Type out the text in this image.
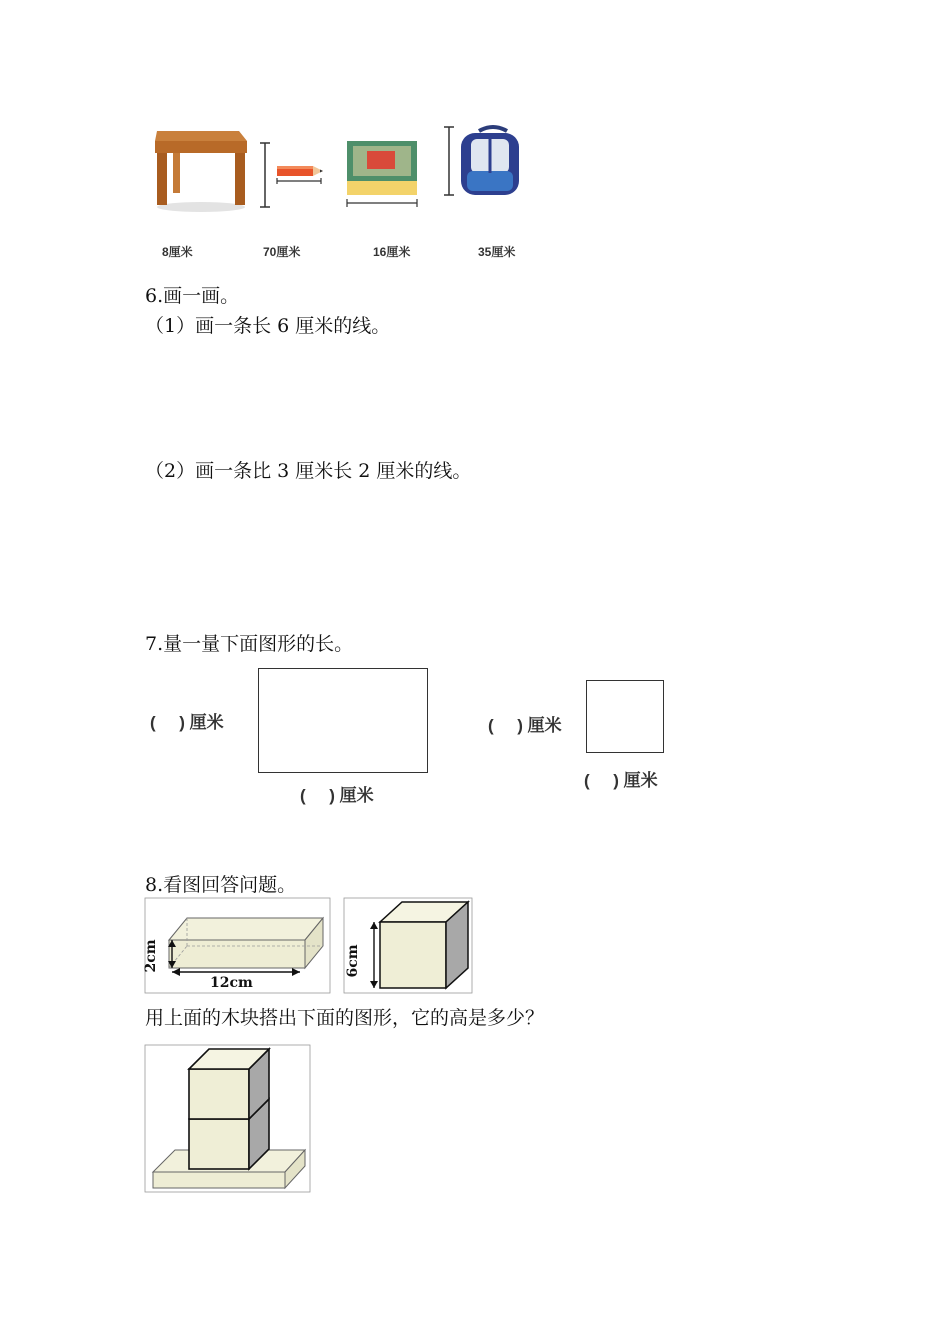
8厘米	70厘米	16厘米	35厘米
6.画一画。
（1）画一条长 6 厘米的线。
（2）画一条比 3 厘米长 2 厘米的线。
7.量一量下面图形的长。
(     ) 厘米
(     ) 厘米
(     ) 厘米
(     ) 厘米
8.看图回答问题。
2cm
12cm
6cm
用上面的木块搭出下面的图形，它的高是多少？
